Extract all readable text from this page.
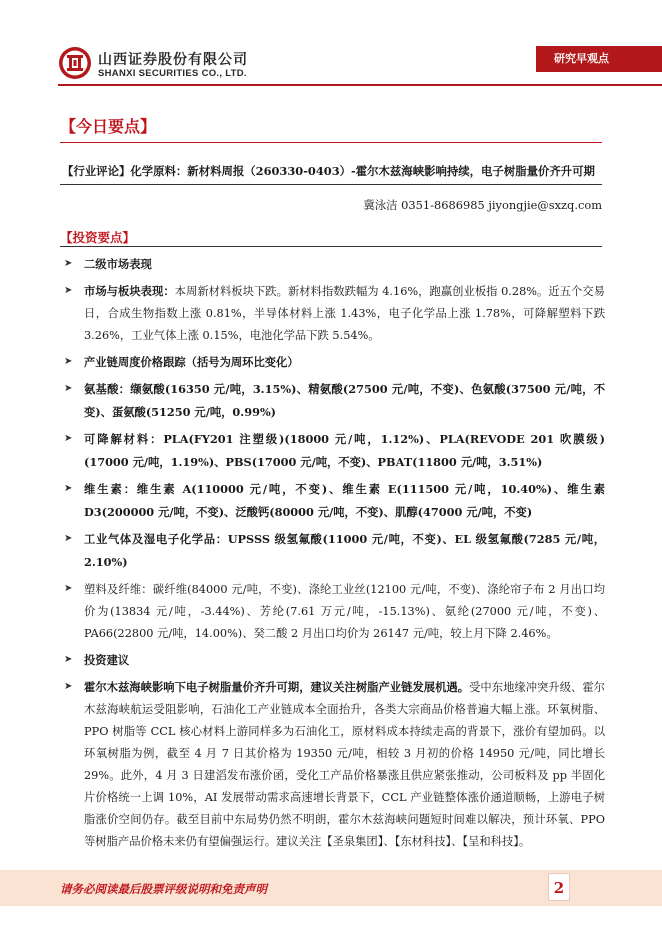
山西证券股份有限公司
SHANXI SECURITIES CO., LTD.
研究早观点
【今日要点】
【行业评论】化学原料：新材料周报（260330-0403）-霍尔木兹海峡影响持续，电子树脂量价齐升可期
冀泳洁 0351-8686985 jiyongjie@sxzq.com
【投资要点】
➤ 二级市场表现
➤ 市场与板块表现：本周新材料板块下跌。新材料指数跌幅为 4.16%，跑赢创业板指 0.28%。近五个交易日，合成生物指数上涨 0.81%，半导体材料上涨 1.43%，电子化学品上涨 1.78%，可降解塑料下跌 3.26%，工业气体上涨 0.15%，电池化学品下跌 5.54%。
➤ 产业链周度价格跟踪（括号为周环比变化）
➤ 氨基酸：缬氨酸(16350 元/吨，3.15%)、精氨酸(27500 元/吨，不变)、色氨酸(37500 元/吨，不变)、蛋氨酸(51250 元/吨，0.99%)
➤ 可降解材料：PLA(FY201 注塑级)(18000 元/吨，1.12%)、PLA(REVODE 201 吹膜级)(17000 元/吨，1.19%)、PBS(17000 元/吨，不变)、PBAT(11800 元/吨，3.51%)
➤ 维生素：维生素 A(110000 元/吨，不变)、维生素 E(111500 元/吨，10.40%)、维生素 D3(200000 元/吨，不变)、泛酸钙(80000 元/吨，不变)、肌醇(47000 元/吨，不变)
➤ 工业气体及湿电子化学品：UPSSS 级氢氟酸(11000 元/吨，不变)、EL 级氢氟酸(7285 元/吨，2.10%)
➤ 塑料及纤维：碳纤维(84000 元/吨，不变)、涤纶工业丝(12100 元/吨，不变)、涤纶帘子布 2 月出口均价为(13834 元/吨，-3.44%)、芳纶(7.61 万元/吨，-15.13%)、氨纶(27000 元/吨，不变)、PA66(22800 元/吨，14.00%)、癸二酸 2 月出口均价为 26147 元/吨，较上月下降 2.46%。
➤ 投资建议
➤ 霍尔木兹海峡影响下电子树脂量价齐升可期，建议关注树脂产业链发展机遇。受中东地缘冲突升级、霍尔木兹海峡航运受阻影响，石油化工产业链成本全面抬升，各类大宗商品价格普遍大幅上涨。环氧树脂、PPO 树脂等 CCL 核心材料上游同样多为石油化工，原材料成本持续走高的背景下，涨价有望加码。以环氧树脂为例，截至 4 月 7 日其价格为 19350 元/吨，相较 3 月初的价格 14950 元/吨，同比增长 29%。此外，4 月 3 日建滔发布涨价函，受化工产品价格暴涨且供应紧张推动，公司板料及 pp 半固化片价格统一上调 10%，AI 发展带动需求高速增长背景下，CCL 产业链整体涨价通道顺畅，上游电子树脂涨价空间仍存。截至目前中东局势仍然不明朗，霍尔木兹海峡问题短时间难以解决，预计环氧、PPO 等树脂产品价格未来仍有望偏强运行。建议关注【圣泉集团】、【东材科技】、【呈和科技】。
请务必阅读最后股票评级说明和免责声明	2
